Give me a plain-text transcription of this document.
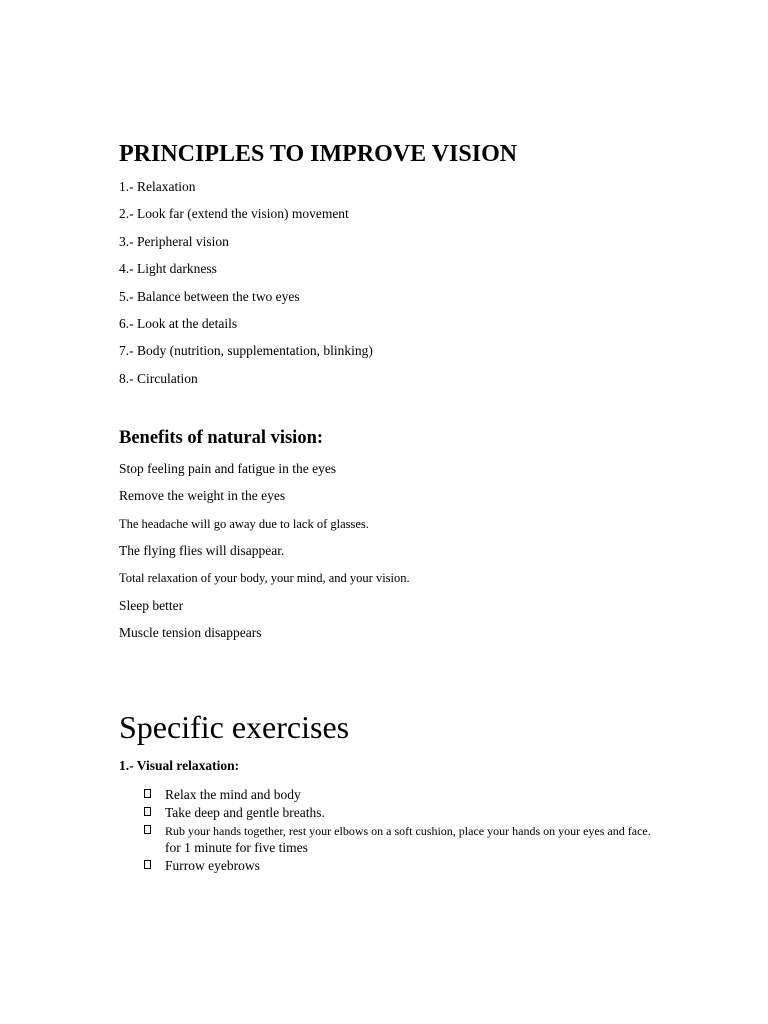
PRINCIPLES TO IMPROVE VISION
1.- Relaxation
2.- Look far (extend the vision) movement
3.- Peripheral vision
4.- Light darkness
5.- Balance between the two eyes
6.- Look at the details
7.- Body (nutrition, supplementation, blinking)
8.- Circulation
Benefits of natural vision:
Stop feeling pain and fatigue in the eyes
Remove the weight in the eyes
The headache will go away due to lack of glasses.
The flying flies will disappear.
Total relaxation of your body, your mind, and your vision.
Sleep better
Muscle tension disappears
Specific exercises
1.- Visual relaxation:
Relax the mind and body
Take deep and gentle breaths.
Rub your hands together, rest your elbows on a soft cushion, place your hands on your eyes and face.
for 1 minute for five times
Furrow eyebrows
